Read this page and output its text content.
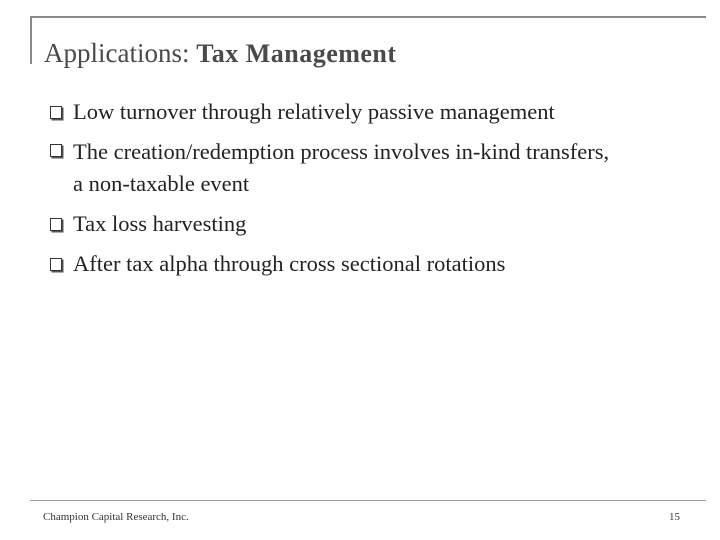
Applications: Tax Management
Low turnover through relatively passive management
The creation/redemption process involves in-kind transfers, a non-taxable event
Tax loss harvesting
After tax alpha through cross sectional rotations
Champion Capital Research, Inc.	15
